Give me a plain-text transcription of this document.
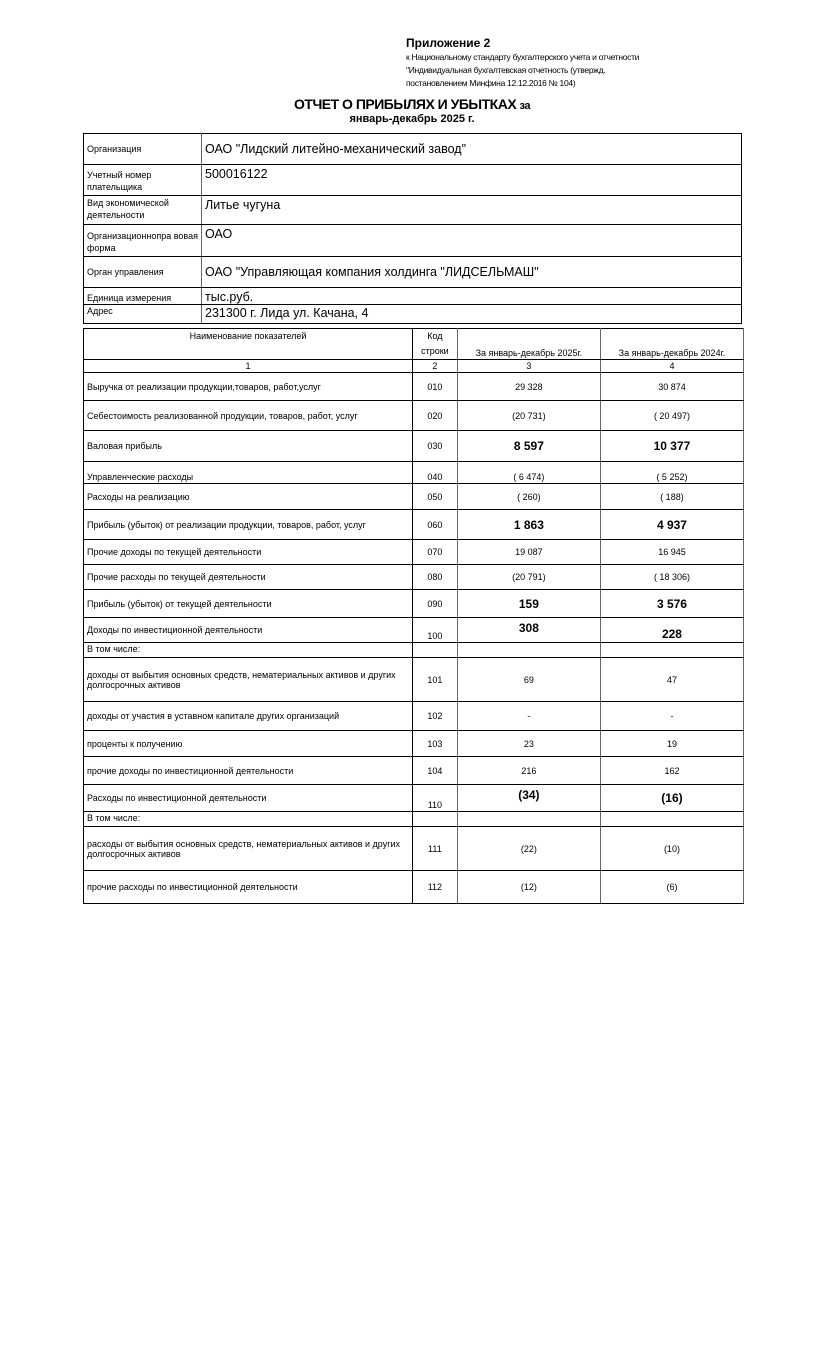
Приложение 2
к Национальному стандарту бухгалтерского учета и отчетности
"Индивидуальная бухгалтевская отчетность (утвержд.
постановлением Минфина 12.12.2016 № 104)
ОТЧЕТ О ПРИБЫЛЯХ И УБЫТКАХ за
январь-декабрь 2025 г.
Организация	ОАО "Лидский литейно-механический завод"
Учетный номер плательщика	500016122
Вид экономической деятельности	Литье чугуна
Организационнопра вовая форма	ОАО
Орган управления	ОАО "Управляющая компания холдинга "ЛИДСЕЛЬМАШ"
Единица измерения	тыс.руб.
Адрес	231300 г. Лида ул. Качана, 4
Наименование показателей	Код строки	За январь-декабрь 2025г.	За январь-декабрь 2024г.
1	2	3	4
Выручка от реализации продукции,товаров, работ,услуг	010	29 328	30 874
Себестоимость реализованной продукции, товаров, работ, услуг	020	(20 731)	( 20 497)
Валовая прибыль	030	8 597	10 377
Управленческие расходы	040	( 6 474)	( 5 252)
Расходы на реализацию	050	( 260)	( 188)
Прибыль (убыток) от реализации продукции, товаров, работ, услуг	060	1 863	4 937
Прочие доходы по текущей деятельности	070	19 087	16 945
Прочие расходы по текущей деятельности	080	(20 791)	( 18 306)
Прибыль (убыток) от текущей деятельности	090	159	3 576
Доходы по инвестиционной деятельности	100	308	228
В том числе:			
доходы от выбытия основных средств, нематериальных активов и других долгосрочных активов	101	69	47
доходы от участия в уставном капитале других организаций	102	-	-
проценты к получению	103	23	19
прочие доходы по инвестиционной деятельности	104	216	162
Расходы по инвестиционной деятельности	110	(34)	(16)
В том числе:			
расходы от выбытия основных средств, нематериальных активов и других долгосрочных активов	111	(22)	(10)
прочие расходы по инвестиционной деятельности	112	(12)	(6)
